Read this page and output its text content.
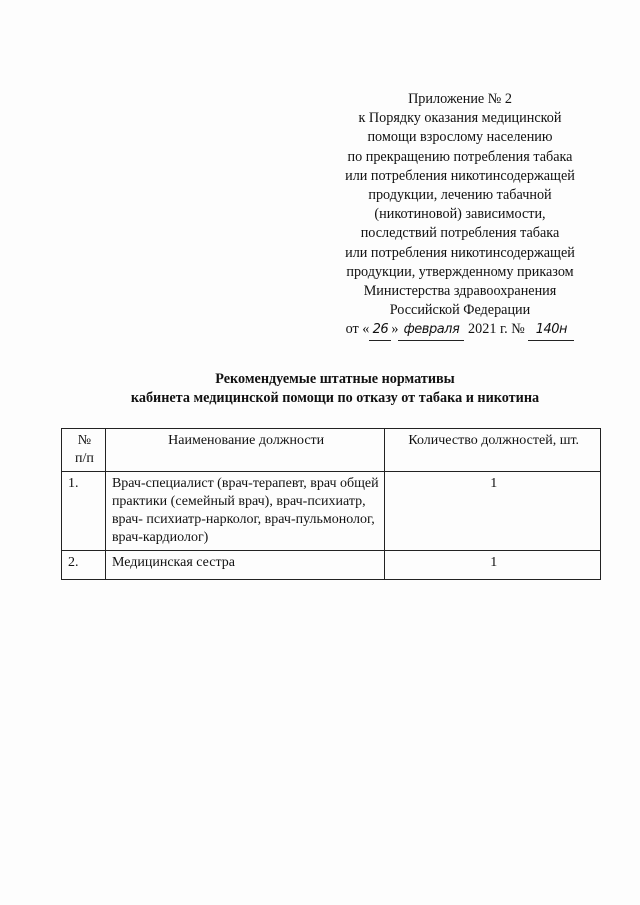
Приложение № 2
к Порядку оказания медицинской
помощи взрослому населению
по прекращению потребления табака
или потребления никотинсодержащей
продукции, лечению табачной
(никотиновой) зависимости,
последствий потребления табака
или потребления никотинсодержащей
продукции, утвержденному приказом
Министерства здравоохранения
Российской Федерации
от « 26 » февраля 2021 г. № 140н
Рекомендуемые штатные нормативы
кабинета медицинской помощи по отказу от табака и никотина
№
п/п	Наименование должности	Количество должностей, шт.
1.	Врач-специалист (врач-терапевт, врач общей практики (семейный врач), врач-психиатр, врач- психиатр-нарколог, врач-пульмонолог, врач-кардиолог)	1
2.	Медицинская сестра	1
